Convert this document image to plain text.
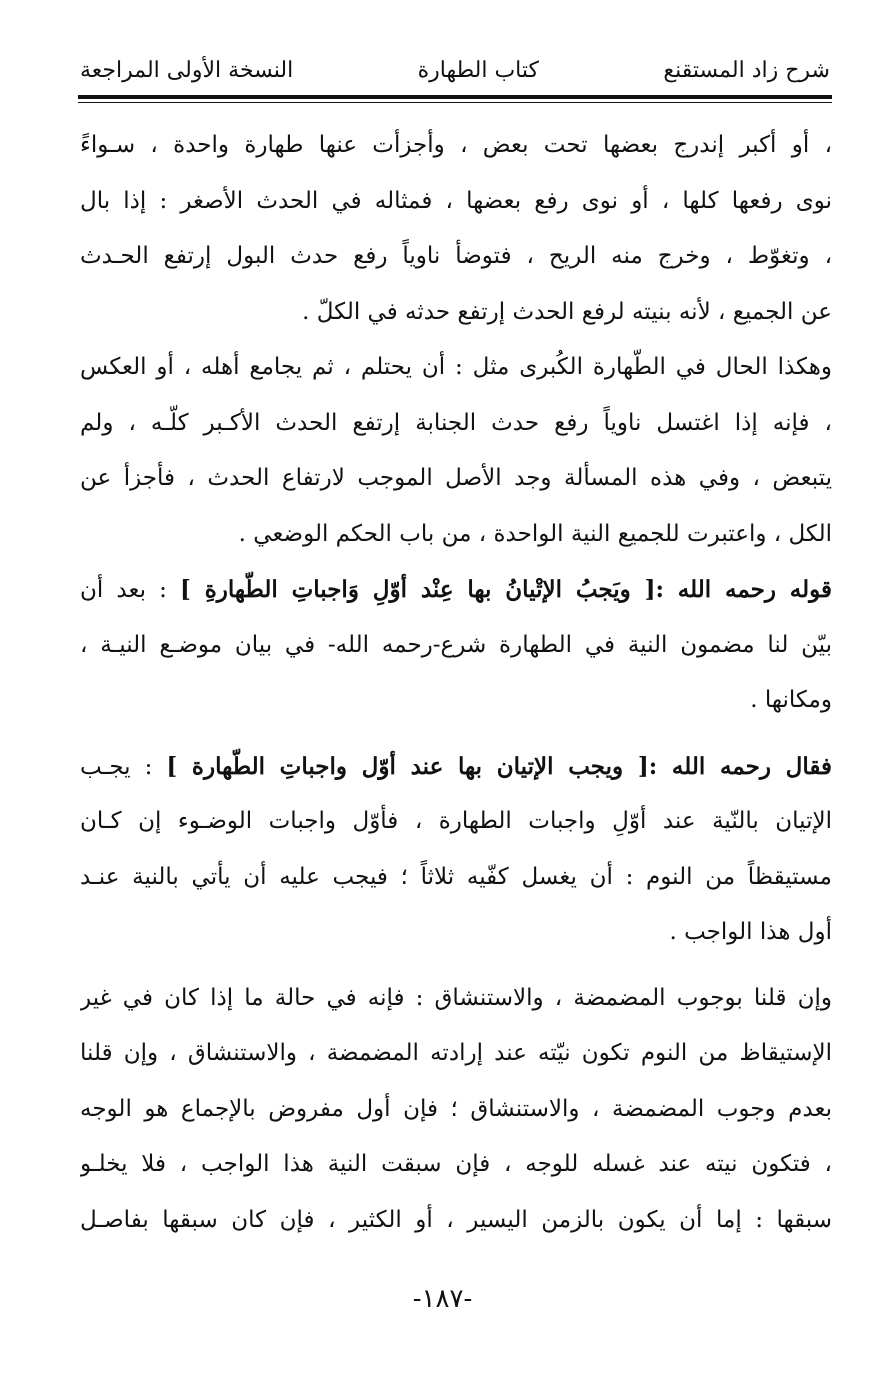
شرح زاد المستقنع
كتاب الطهارة
النسخة الأولى المراجعة
، أو أكبر إندرج بعضها تحت بعض ، وأجزأت عنها طهارة واحدة ، سـواءً
نوى رفعها كلها ، أو نوى رفع بعضها ، فمثاله في الحدث الأصغر : إذا بال
، وتغوّط ، وخرج منه الريح ، فتوضأ ناوياً رفع حدث البول إرتفع الحـدث
عن الجميع ، لأنه بنيته لرفع الحدث إرتفع حدثه في الكلّ .
وهكذا الحال في الطّهارة الكُبرى مثل : أن يحتلم ، ثم يجامع أهله ، أو العكس
، فإنه إذا اغتسل ناوياً رفع حدث الجنابة إرتفع الحدث الأكـبر كلّـه ، ولم
يتبعض ، وفي هذه المسألة وجد الأصل الموجب لارتفاع الحدث ، فأجزأ عن
الكل ، واعتبرت للجميع النية الواحدة ، من باب الحكم الوضعي .
قوله رحمه الله :[ ويَجبُ الإتْيانُ بها عِنْد أوّلِ وَاجباتِ الطّهارةِ ] : بعد أن
بيّن لنا مضمون النية في الطهارة شرع-رحمه الله- في بيان موضـع النيـة ،
ومكانها .
فقال رحمه الله :[ ويجب الإتيان بها عند أوّل واجباتِ الطّهارة ] : يجـب
الإتيان بالنّية عند أوّلِ واجبات الطهارة ، فأوّل واجبات الوضـوء إن كـان
مستيقظاً من النوم : أن يغسل كفّيه ثلاثاً ؛ فيجب عليه أن يأتي بالنية عنـد
أول هذا الواجب .
وإن قلنا بوجوب المضمضة ، والاستنشاق : فإنه في حالة ما إذا كان في غير
الإستيقاظ من النوم تكون نيّته عند إرادته المضمضة ، والاستنشاق ، وإن قلنا
بعدم وجوب المضمضة ، والاستنشاق ؛ فإن أول مفروض بالإجماع هو الوجه
، فتكون نيته عند غسله للوجه ، فإن سبقت النية هذا الواجب ، فلا يخلـو
سبقها : إما أن يكون بالزمن اليسير ، أو الكثير ، فإن كان سبقها بفاصـل
-١٨٧-
